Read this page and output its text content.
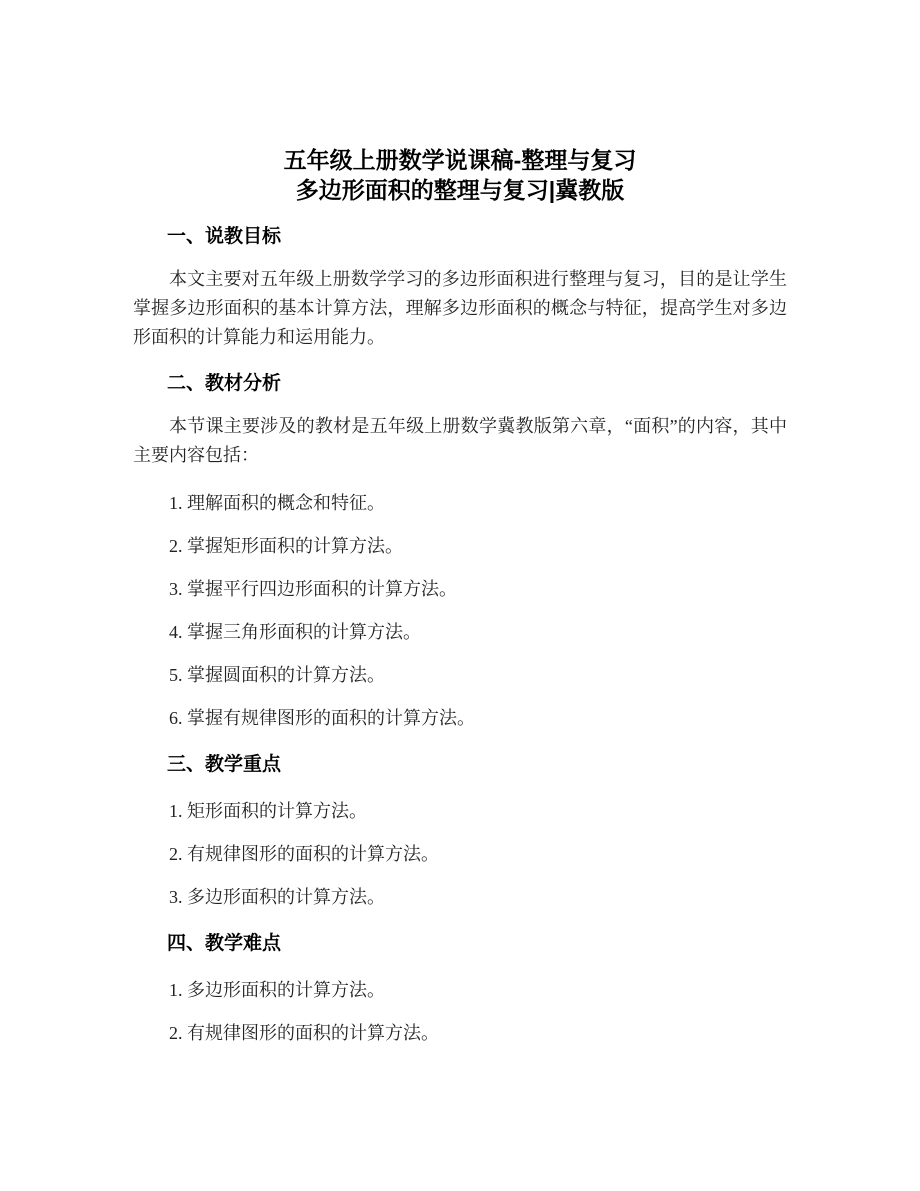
五年级上册数学说课稿-整理与复习
多边形面积的整理与复习|冀教版
一、说教目标

本文主要对五年级上册数学学习的多边形面积进行整理与复习，目的是让学生掌握多边形面积的基本计算方法，理解多边形面积的概念与特征，提高学生对多边形面积的计算能力和运用能力。

二、教材分析

本节课主要涉及的教材是五年级上册数学冀教版第六章，“面积”的内容，其中主要内容包括：

1. 理解面积的概念和特征。

2. 掌握矩形面积的计算方法。

3. 掌握平行四边形面积的计算方法。

4. 掌握三角形面积的计算方法。

5. 掌握圆面积的计算方法。

6. 掌握有规律图形的面积的计算方法。

三、教学重点

1. 矩形面积的计算方法。

2. 有规律图形的面积的计算方法。

3. 多边形面积的计算方法。

四、教学难点

1. 多边形面积的计算方法。

2. 有规律图形的面积的计算方法。
